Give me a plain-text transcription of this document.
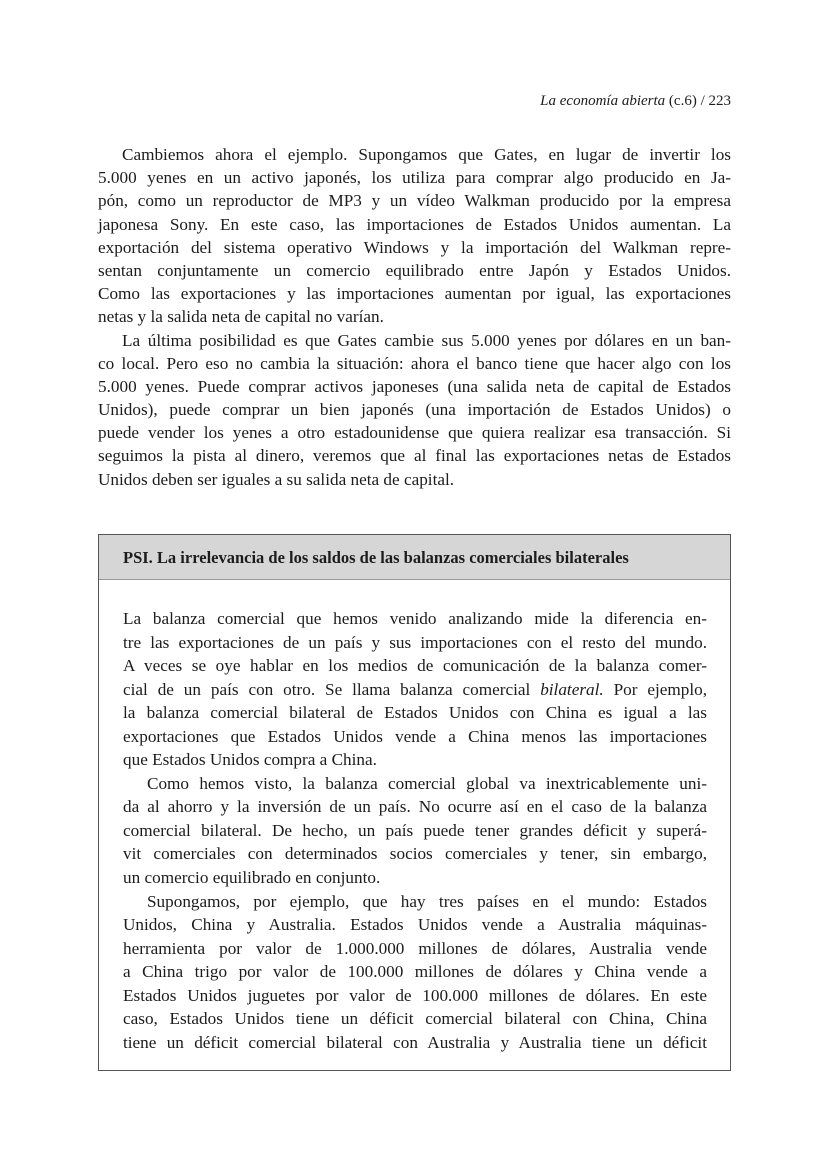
La economía abierta (c.6) / 223
Cambiemos ahora el ejemplo. Supongamos que Gates, en lugar de invertir los
5.000 yenes en un activo japonés, los utiliza para comprar algo producido en Ja-
pón, como un reproductor de MP3 y un vídeo Walkman producido por la empresa
japonesa Sony. En este caso, las importaciones de Estados Unidos aumentan. La
exportación del sistema operativo Windows y la importación del Walkman repre-
sentan conjuntamente un comercio equilibrado entre Japón y Estados Unidos.
Como las exportaciones y las importaciones aumentan por igual, las exportaciones
netas y la salida neta de capital no varían.
La última posibilidad es que Gates cambie sus 5.000 yenes por dólares en un ban-
co local. Pero eso no cambia la situación: ahora el banco tiene que hacer algo con los
5.000 yenes. Puede comprar activos japoneses (una salida neta de capital de Estados
Unidos), puede comprar un bien japonés (una importación de Estados Unidos) o
puede vender los yenes a otro estadounidense que quiera realizar esa transacción. Si
seguimos la pista al dinero, veremos que al final las exportaciones netas de Estados
Unidos deben ser iguales a su salida neta de capital.
PSI. La irrelevancia de los saldos de las balanzas comerciales bilaterales
La balanza comercial que hemos venido analizando mide la diferencia en-
tre las exportaciones de un país y sus importaciones con el resto del mundo.
A veces se oye hablar en los medios de comunicación de la balanza comer-
cial de un país con otro. Se llama balanza comercial bilateral. Por ejemplo,
la balanza comercial bilateral de Estados Unidos con China es igual a las
exportaciones que Estados Unidos vende a China menos las importaciones
que Estados Unidos compra a China.
Como hemos visto, la balanza comercial global va inextricablemente uni-
da al ahorro y la inversión de un país. No ocurre así en el caso de la balanza
comercial bilateral. De hecho, un país puede tener grandes déficit y superá-
vit comerciales con determinados socios comerciales y tener, sin embargo,
un comercio equilibrado en conjunto.
Supongamos, por ejemplo, que hay tres países en el mundo: Estados
Unidos, China y Australia. Estados Unidos vende a Australia máquinas-
herramienta por valor de 1.000.000 millones de dólares, Australia vende
a China trigo por valor de 100.000 millones de dólares y China vende a
Estados Unidos juguetes por valor de 100.000 millones de dólares. En este
caso, Estados Unidos tiene un déficit comercial bilateral con China, China
tiene un déficit comercial bilateral con Australia y Australia tiene un déficit
